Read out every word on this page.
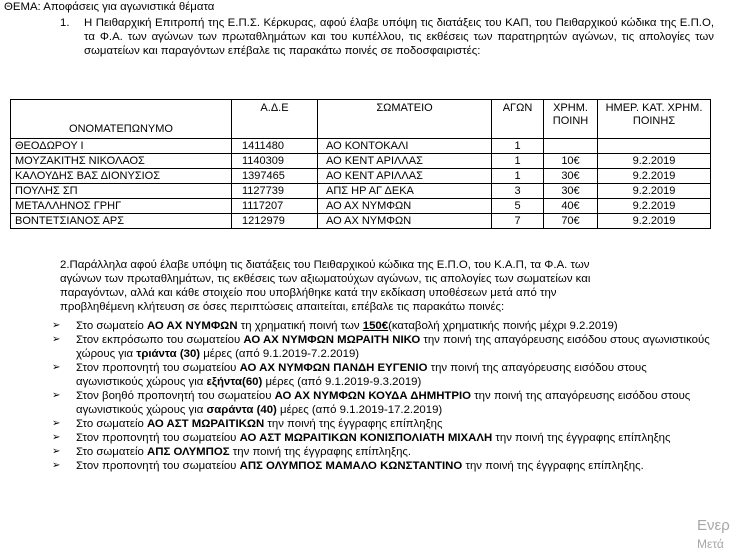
ΘΕΜΑ: Αποφάσεις για αγωνιστικά θέματα
1. Η Πειθαρχική Επιτροπή της Ε.Π.Σ. Κέρκυρας, αφού έλαβε υπόψη τις διατάξεις του ΚΑΠ, του Πειθαρχικού κώδικα της Ε.Π.Ο, τα Φ.Α. των αγώνων των πρωταθλημάτων και του κυπέλλου, τις εκθέσεις των παρατηρητών αγώνων, τις απολογίες των σωματείων και παραγόντων επέβαλε τις παρακάτω ποινές σε ποδοσφαιριστές:
ΟΝΟΜΑΤΕΠΩΝΥΜΟ	Α.Δ.Ε	ΣΩΜΑΤΕΙΟ	ΑΓΩΝ	ΧΡΗΜ. ΠΟΙΝΗ	ΗΜΕΡ. ΚΑΤ. ΧΡΗΜ. ΠΟΙΝΗΣ
ΘΕΟΔΩΡΟΥ Ι	1411480	ΑΟ ΚΟΝΤΟΚΑΛΙ	1		
ΜΟΥΖΑΚΙΤΗΣ ΝΙΚΟΛΑΟΣ	1140309	ΑΟ ΚΕΝΤ ΑΡΙΛΛΑΣ	1	10€	9.2.2019
ΚΑΛΟΥΔΗΣ ΒΑΣ ΔΙΟΝΥΣΙΟΣ	1397465	ΑΟ ΚΕΝΤ ΑΡΙΛΛΑΣ	1	30€	9.2.2019
ΠΟΥΛΗΣ ΣΠ	1127739	ΑΠΣ ΗΡ ΑΓ ΔΕΚΑ	3	30€	9.2.2019
ΜΕΤΑΛΛΗΝΟΣ ΓΡΗΓ	1117207	ΑΟ ΑΧ ΝΥΜΦΩΝ	5	40€	9.2.2019
ΒΟΝΤΕΤΣΙΑΝΟΣ ΑΡΣ	1212979	ΑΟ ΑΧ ΝΥΜΦΩΝ	7	70€	9.2.2019
2.Παράλληλα αφού έλαβε υπόψη τις διατάξεις του Πειθαρχικού κώδικα της Ε.Π.Ο, του Κ.Α.Π, τα Φ.Α. των
αγώνων των πρωταθλημάτων, τις εκθέσεις των αξιωματούχων αγώνων, τις απολογίες των σωματείων και
παραγόντων, αλλά και κάθε στοιχείο που υποβλήθηκε κατά την εκδίκαση υποθέσεων μετά από την
προβληθέμενη κλήτευση σε όσες περιπτώσεις απαιτείται, επέβαλε τις παρακάτω ποινές:
➢ Στο σωματείο ΑΟ ΑΧ ΝΥΜΦΩΝ τη χρηματική ποινή των 150€(καταβολή χρηματικής ποινής μέχρι 9.2.2019)
➢ Στον εκπρόσωπο του σωματείου ΑΟ ΑΧ ΝΥΜΦΩΝ ΜΩΡΑΙΤΗ ΝΙΚΟ την ποινή της απαγόρευσης εισόδου στους αγωνιστικούς χώρους για τριάντα (30) μέρες (από 9.1.2019-7.2.2019)
➢ Στον προπονητή του σωματείου ΑΟ ΑΧ ΝΥΜΦΩΝ ΠΑΝΔΗ ΕΥΓΕΝΙΟ την ποινή της απαγόρευσης εισόδου στους αγωνιστικούς χώρους για εξήντα(60) μέρες (από 9.1.2019-9.3.2019)
➢ Στον βοηθό προπονητή του σωματείου ΑΟ ΑΧ ΝΥΜΦΩΝ ΚΟΥΔΑ ΔΗΜΗΤΡΙΟ την ποινή της απαγόρευσης εισόδου στους αγωνιστικούς χώρους για σαράντα (40) μέρες (από 9.1.2019-17.2.2019)
➢ Στο σωματείο ΑΟ ΑΣΤ ΜΩΡΑΙΤΙΚΩΝ την ποινή της έγγραφης επίπληξης
➢ Στον προπονητή του σωματείου ΑΟ ΑΣΤ ΜΩΡΑΙΤΙΚΩΝ ΚΟΝΙΣΠΟΛΙΑΤΗ ΜΙΧΑΛΗ την ποινή της έγγραφης επίπληξης
➢ Στο σωματείο ΑΠΣ ΟΛΥΜΠΟΣ την ποινή της έγγραφης επίπληξης.
➢ Στον προπονητή του σωματείου ΑΠΣ ΟΛΥΜΠΟΣ ΜΑΜΑΛΟ ΚΩΝΣΤΑΝΤΙΝΟ την ποινή της έγγραφης επίπληξης.
Ενερ
Μετά
